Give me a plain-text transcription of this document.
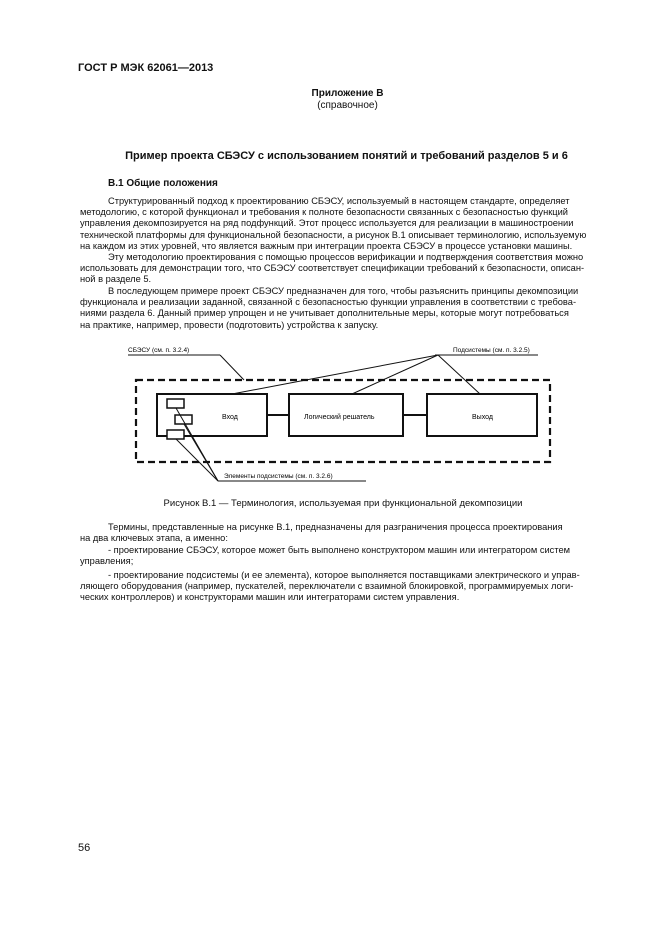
ГОСТ Р МЭК 62061—2013
Приложение В
(справочное)
Пример проекта СБЭСУ с использованием понятий и требований разделов 5 и 6
В.1 Общие положения
Структурированный подход к проектированию СБЭСУ, используемый в настоящем стандарте, определяет
методологию, с которой функционал и требования к полноте безопасности связанных с безопасностью функций
управления декомпозируется на ряд подфункций. Этот процесс используется для реализации в машиностроении
технической платформы для функциональной безопасности, а рисунок В.1 описывает терминологию, используемую
на каждом из этих уровней, что является важным при интеграции проекта СБЭСУ в процессе установки машины.
Эту методологию проектирования с помощью процессов верификации и подтверждения соответствия можно
использовать для демонстрации того, что СБЭСУ соответствует спецификации требований к безопасности, описан-
ной в разделе 5.
В последующем примере проект СБЭСУ предназначен для того, чтобы разъяснить принципы декомпозиции
функционала и реализации заданной, связанной с безопасностью функции управления в соответствии с требова-
ниями раздела 6. Данный пример упрощен и не учитывает дополнительные меры, которые могут потребоваться
на практике, например, провести (подготовить) устройства к запуску.
СБЭСУ (см. п. 3.2.4)	Подсистемы (см. п. 3.2.5)
Вход	Логический решатель	Выход
Элементы подсистемы (см. п. 3.2.6)
Рисунок В.1 — Терминология, используемая при функциональной декомпозиции
Термины, представленные на рисунке В.1, предназначены для разграничения процесса проектирования
на два ключевых этапа, а именно:
- проектирование СБЭСУ, которое может быть выполнено конструктором машин или интегратором систем
управления;
- проектирование подсистемы (и ее элемента), которое выполняется поставщиками электрического и управ-
ляющего оборудования (например, пускателей, переключатели с взаимной блокировкой, программируемых логи-
ческих контроллеров) и конструкторами машин или интеграторами систем управления.
56
